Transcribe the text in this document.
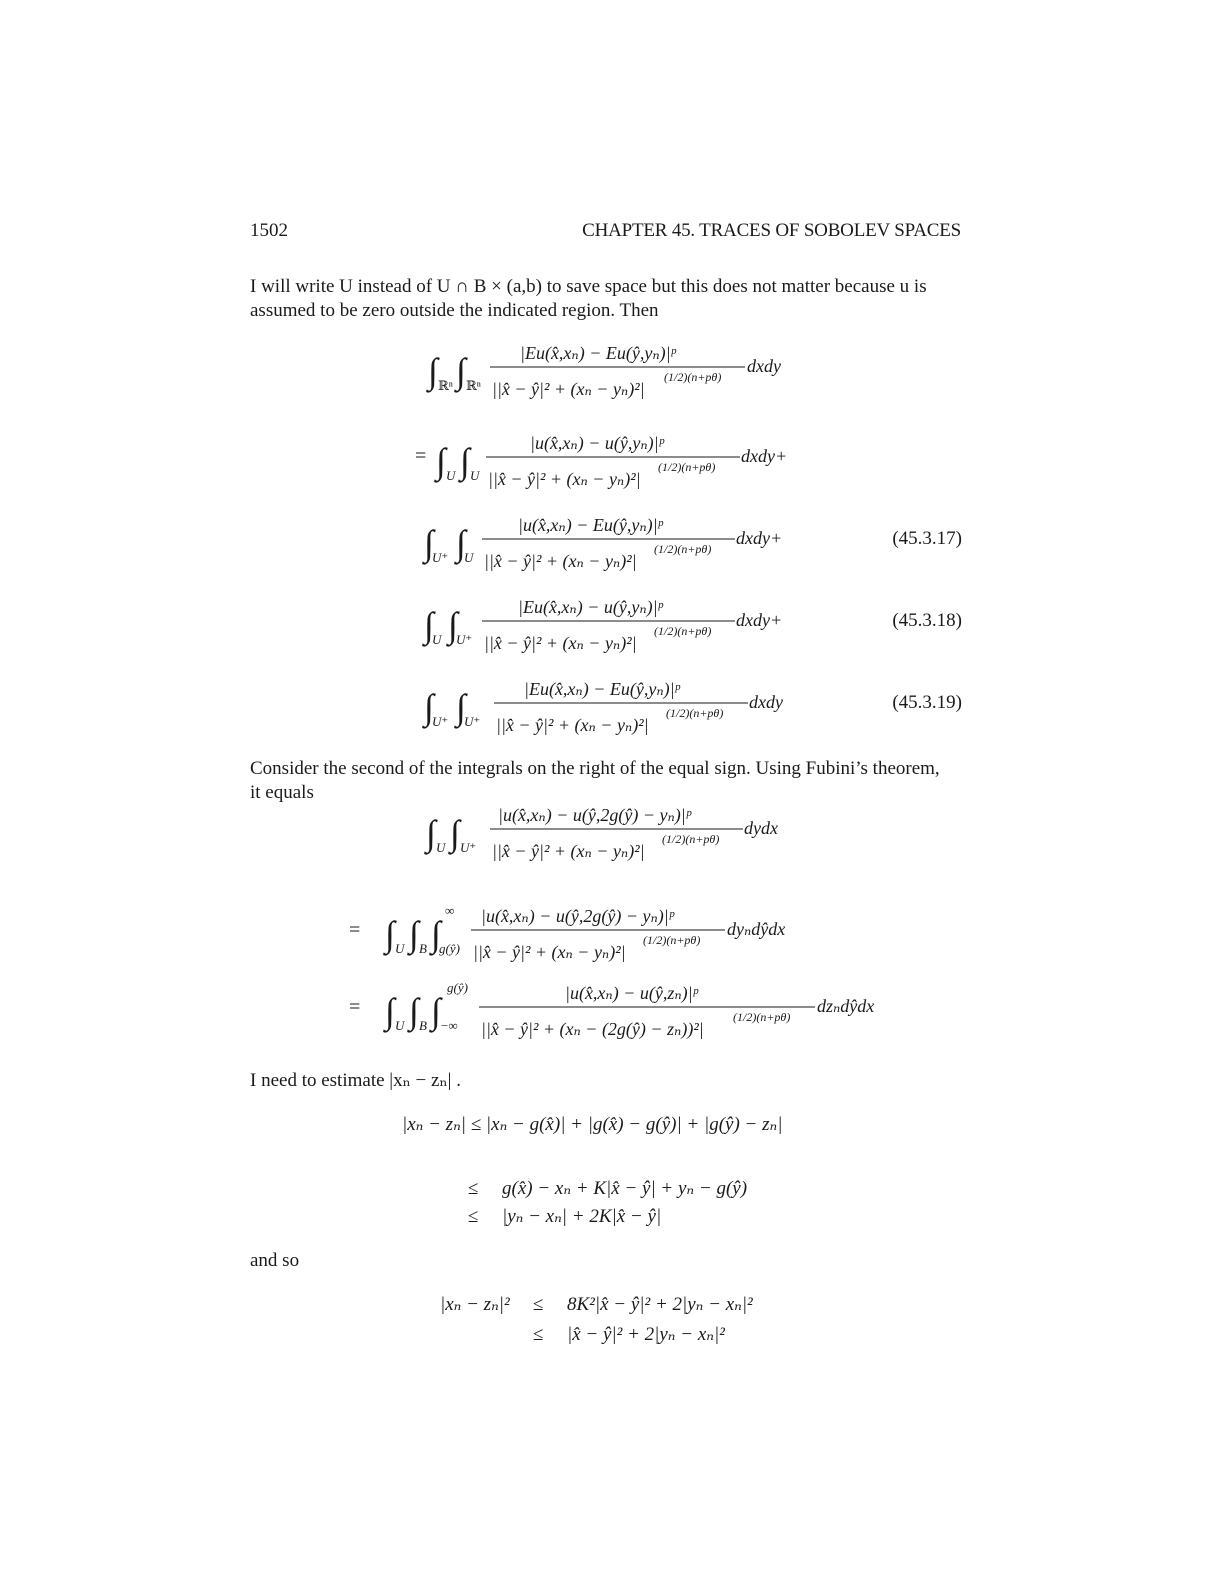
1502	CHAPTER 45. TRACES OF SOBOLEV SPACES
I will write U instead of U ∩ B × (a,b) to save space but this does not matter because u is
assumed to be zero outside the indicated region. Then
∫ ℝⁿ ∫ ℝⁿ
|Eu(x̂,xₙ) − Eu(ŷ,yₙ)|ᵖ
||x̂ − ŷ|² + (xₙ − yₙ)²|
(1/2)(n+pθ)
dxdy
= ∫ U ∫ U
|u(x̂,xₙ) − u(ŷ,yₙ)|ᵖ
||x̂ − ŷ|² + (xₙ − yₙ)²|
(1/2)(n+pθ)
dxdy+
∫
U⁺ ∫
U
|u(x̂,xₙ) − Eu(ŷ,yₙ)|ᵖ
||x̂ − ŷ|² + (xₙ − yₙ)²|
(1/2)(n+pθ)
dxdy+	(45.3.17)
∫
U ∫
U⁺
|Eu(x̂,xₙ) − u(ŷ,yₙ)|ᵖ
||x̂ − ŷ|² + (xₙ − yₙ)²|
(1/2)(n+pθ)
dxdy+	(45.3.18)
∫
U⁺ ∫
U⁺
|Eu(x̂,xₙ) − Eu(ŷ,yₙ)|ᵖ
||x̂ − ŷ|² + (xₙ − yₙ)²|
(1/2)(n+pθ)
dxdy	(45.3.19)
Consider the second of the integrals on the right of the equal sign. Using Fubini’s theorem,
it equals
∫ U ∫ U⁺
|u(x̂,xₙ) − u(ŷ,2g(ŷ) − yₙ)|ᵖ
||x̂ − ŷ|² + (xₙ − yₙ)²|
(1/2)(n+pθ)
dydx
= ∫ U ∫ B ∫
∞
g(ŷ)
|u(x̂,xₙ) − u(ŷ,2g(ŷ) − yₙ)|ᵖ
||x̂ − ŷ|² + (xₙ − yₙ)²|
(1/2)(n+pθ)
dyₙdŷdx
= ∫ U ∫ B ∫
g(ŷ)
−∞
|u(x̂,xₙ) − u(ŷ,zₙ)|ᵖ
||x̂ − ŷ|² + (xₙ − (2g(ŷ) − zₙ))²|
(1/2)(n+pθ)
dzₙdŷdx
I need to estimate |xₙ − zₙ| .
|xₙ − zₙ| ≤ |xₙ − g(x̂)| + |g(x̂) − g(ŷ)| + |g(ŷ) − zₙ|
≤ g(x̂) − xₙ + K|x̂ − ŷ| + yₙ − g(ŷ)
≤ |yₙ − xₙ| + 2K|x̂ − ŷ|
and so
|xₙ − zₙ|² ≤ 8K²|x̂ − ŷ|² + 2|yₙ − xₙ|²
≤ |x̂ − ŷ|² + 2|yₙ − xₙ|²
